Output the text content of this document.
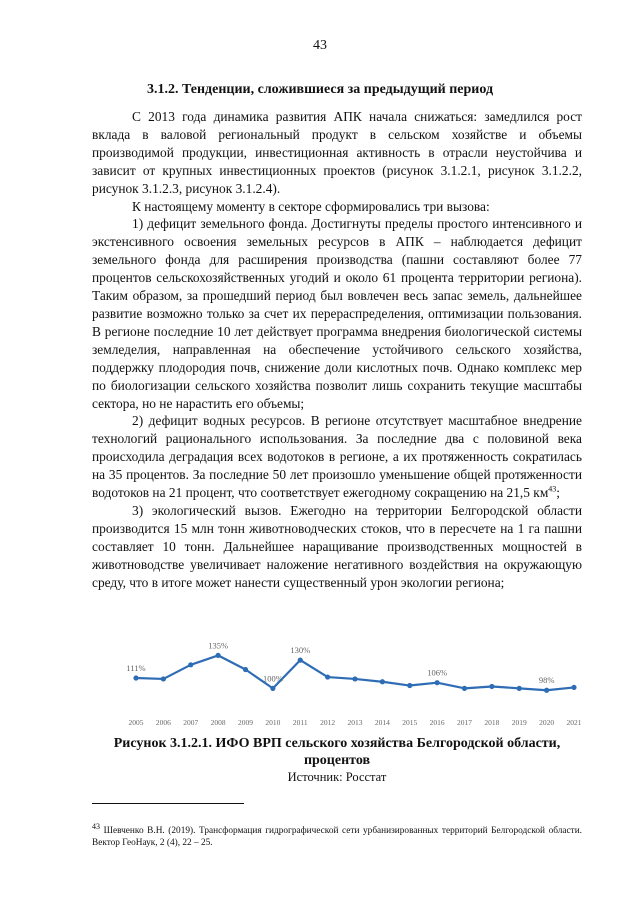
43
3.1.2. Тенденции, сложившиеся за предыдущий период

С 2013 года динамика развития АПК начала снижаться: замедлился рост вклада в валовой региональный продукт в сельском хозяйстве и объемы производимой продукции, инвестиционная активность в отрасли неустойчива и зависит от крупных инвестиционных проектов (рисунок 3.1.2.1, рисунок 3.1.2.2, рисунок 3.1.2.3, рисунок 3.1.2.4).

К настоящему моменту в секторе сформировались три вызова:

1) дефицит земельного фонда. Достигнуты пределы простого интенсивного и экстенсивного освоения земельных ресурсов в АПК – наблюдается дефицит земельного фонда для расширения производства (пашни составляют более 77 процентов сельскохозяйственных угодий и около 61 процента территории региона). Таким образом, за прошедший период был вовлечен весь запас земель, дальнейшее развитие возможно только за счет их перераспределения, оптимизации пользования. В регионе последние 10 лет действует программа внедрения биологической системы земледелия, направленная на обеспечение устойчивого сельского хозяйства, поддержку плодородия почв, снижение доли кислотных почв. Однако комплекс мер по биологизации сельского хозяйства позволит лишь сохранить текущие масштабы сектора, но не нарастить его объемы;

2) дефицит водных ресурсов. В регионе отсутствует масштабное внедрение технологий рационального использования. За последние два с половиной века происходила деградация всех водотоков в регионе, а их протяженность сократилась на 35 процентов. За последние 50 лет произошло уменьшение общей протяженности водотоков на 21 процент, что соответствует ежегодному сокращению на 21,5 $км^{43}$;

3) экологический вызов. Ежегодно на территории Белгородской области производится 15 млн тонн животноводческих стоков, что в пересчете на 1 га пашни составляет 10 тонн. Дальнейшее наращивание производственных мощностей в животноводстве увеличивает наложение негативного воздействия на окружающую среду, что в итоге может нанести существенный урон экологии региона;

111%
135%
100%
130%
106%
98%
2005 2006 2007 2008 2009 2010 2011 2012 2013 2014 2015 2016 2017 2018 2019 2020 2021
Рисунок 3.1.2.1. ИФО ВРП сельского хозяйства Белгородской области, процентов
Источник: Росстат
$^{43}$ Шевченко В.Н. (2019). Трансформация гидрографической сети урбанизированных территорий Белгородской области. Вектор ГеоНаук, 2 (4), 22 – 25.
